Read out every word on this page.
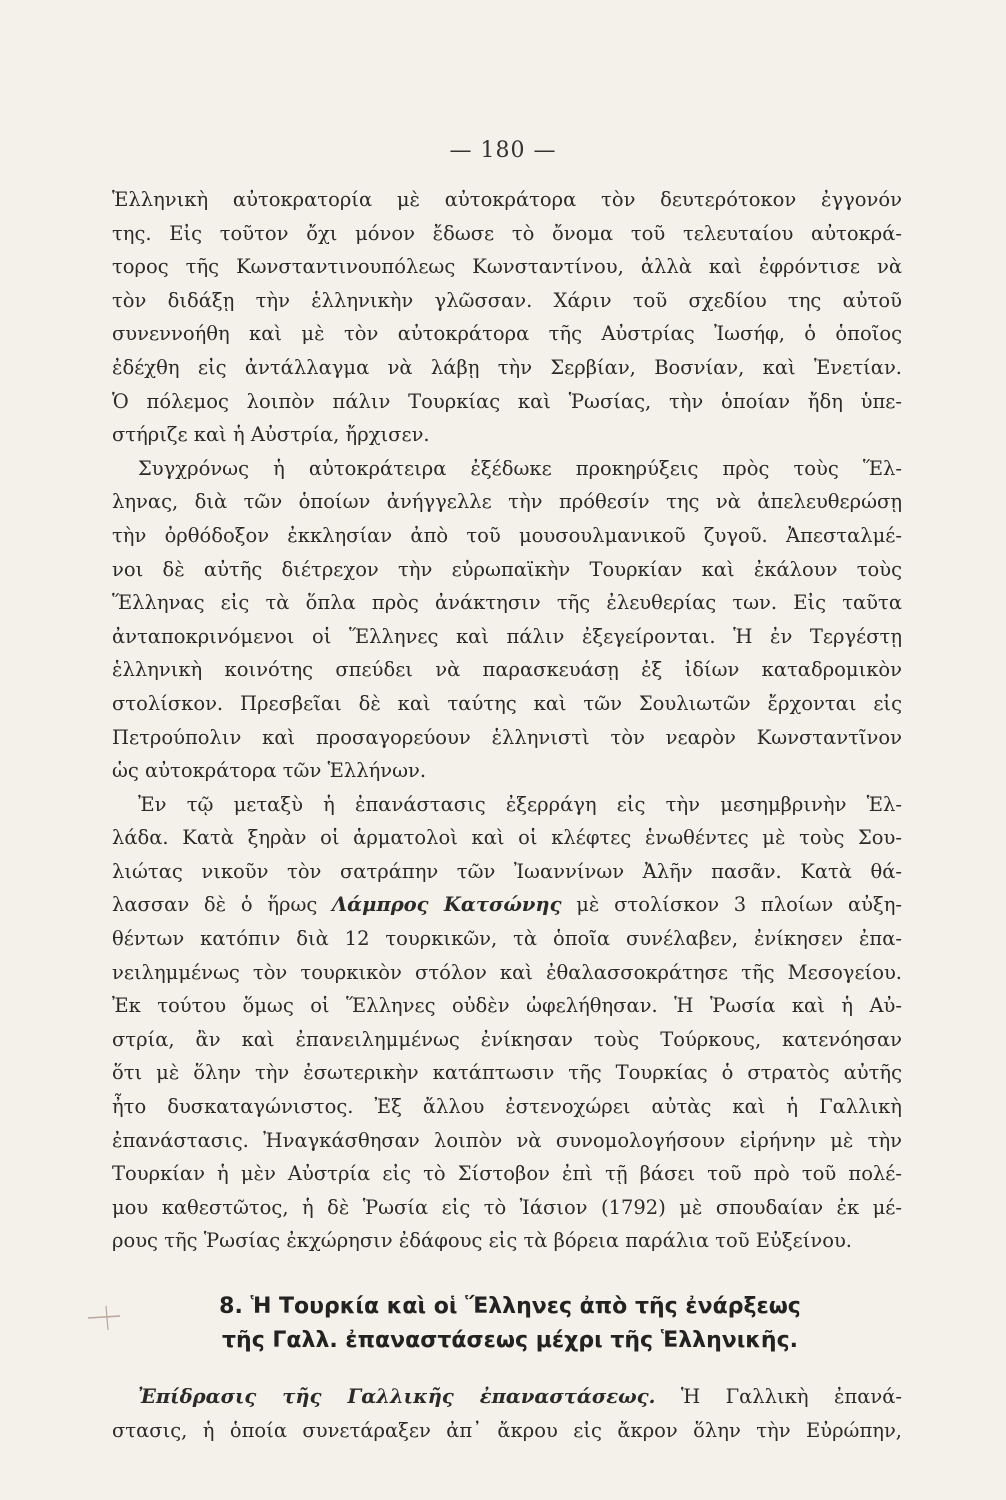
— 180 —
Ἑλληνικὴ αὐτοκρατορία μὲ αὐτοκράτορα τὸν δευτερότοκον ἐγγονόν
της. Εἰς τοῦτον ὄχι μόνον ἔδωσε τὸ ὄνομα τοῦ τελευταίου αὐτοκρά-
τορος τῆς Κωνσταντινουπόλεως Κωνσταντίνου, ἀλλὰ καὶ ἐφρόντισε νὰ
τὸν διδάξῃ τὴν ἑλληνικὴν γλῶσσαν. Χάριν τοῦ σχεδίου της αὐτοῦ
συνεννοήθη καὶ μὲ τὸν αὐτοκράτορα τῆς Αὐστρίας Ἰωσήφ, ὁ ὁποῖος
ἐδέχθη εἰς ἀντάλλαγμα νὰ λάβῃ τὴν Σερβίαν, Βοσνίαν, καὶ Ἑνετίαν.
Ὁ πόλεμος λοιπὸν πάλιν Τουρκίας καὶ Ῥωσίας, τὴν ὁποίαν ἤδη ὑπε-
στήριζε καὶ ἡ Αὐστρία, ἤρχισεν.
Συγχρόνως ἡ αὐτοκράτειρα ἐξέδωκε προκηρύξεις πρὸς τοὺς Ἕλ-
ληνας, διὰ τῶν ὁποίων ἀνήγγελλε τὴν πρόθεσίν της νὰ ἀπελευθερώσῃ
τὴν ὀρθόδοξον ἐκκλησίαν ἀπὸ τοῦ μουσουλμανικοῦ ζυγοῦ. Ἀπεσταλμέ-
νοι δὲ αὐτῆς διέτρεχον τὴν εὐρωπαϊκὴν Τουρκίαν καὶ ἐκάλουν τοὺς
Ἕλληνας εἰς τὰ ὅπλα πρὸς ἀνάκτησιν τῆς ἐλευθερίας των. Εἰς ταῦτα
ἀνταποκρινόμενοι οἱ Ἕλληνες καὶ πάλιν ἐξεγείρονται. Ἡ ἐν Τεργέστῃ
ἑλληνικὴ κοινότης σπεύδει νὰ παρασκευάσῃ ἐξ ἰδίων καταδρομικὸν
στολίσκον. Πρεσβεῖαι δὲ καὶ ταύτης καὶ τῶν Σουλιωτῶν ἔρχονται εἰς
Πετρούπολιν καὶ προσαγορεύουν ἑλληνιστὶ τὸν νεαρὸν Κωνσταντῖνον
ὡς αὐτοκράτορα τῶν Ἑλλήνων.
Ἐν τῷ μεταξὺ ἡ ἐπανάστασις ἐξερράγη εἰς τὴν μεσημβρινὴν Ἑλ-
λάδα. Κατὰ ξηρὰν οἱ ἁρματολοὶ καὶ οἱ κλέφτες ἑνωθέντες μὲ τοὺς Σου-
λιώτας νικοῦν τὸν σατράπην τῶν Ἰωαννίνων Ἀλῆν πασᾶν. Κατὰ θά-
λασσαν δὲ ὁ ἥρως Λάμπρος Κατσώνης μὲ στολίσκον 3 πλοίων αὐξη-
θέντων κατόπιν διὰ 12 τουρκικῶν, τὰ ὁποῖα συνέλαβεν, ἐνίκησεν ἐπα-
νειλημμένως τὸν τουρκικὸν στόλον καὶ ἐθαλασσοκράτησε τῆς Μεσογείου.
Ἐκ τούτου ὅμως οἱ Ἕλληνες οὐδὲν ὠφελήθησαν. Ἡ Ῥωσία καὶ ἡ Αὐ-
στρία, ἂν καὶ ἐπανειλημμένως ἐνίκησαν τοὺς Τούρκους, κατενόησαν
ὅτι μὲ ὅλην τὴν ἐσωτερικὴν κατάπτωσιν τῆς Τουρκίας ὁ στρατὸς αὐτῆς
ἦτο δυσκαταγώνιστος. Ἐξ ἄλλου ἐστενοχώρει αὐτὰς καὶ ἡ Γαλλικὴ
ἐπανάστασις. Ἠναγκάσθησαν λοιπὸν νὰ συνομολογήσουν εἰρήνην μὲ τὴν
Τουρκίαν ἡ μὲν Αὐστρία εἰς τὸ Σίστοβον ἐπὶ τῇ βάσει τοῦ πρὸ τοῦ πολέ-
μου καθεστῶτος, ἡ δὲ Ῥωσία εἰς τὸ Ἰάσιον (1792) μὲ σπουδαίαν ἐκ μέ-
ρους τῆς Ῥωσίας ἐκχώρησιν ἐδάφους εἰς τὰ βόρεια παράλια τοῦ Εὐξείνου.
8. Ἡ Τουρκία καὶ οἱ Ἕλληνες ἀπὸ τῆς ἐνάρξεως
τῆς Γαλλ. ἐπαναστάσεως μέχρι τῆς Ἑλληνικῆς.
Ἐπίδρασις τῆς Γαλλικῆς ἐπαναστάσεως. Ἡ Γαλλικὴ ἐπανά-
στασις, ἡ ὁποία συνετάραξεν ἀπ᾿ ἄκρου εἰς ἄκρον ὅλην τὴν Εὐρώπην,
